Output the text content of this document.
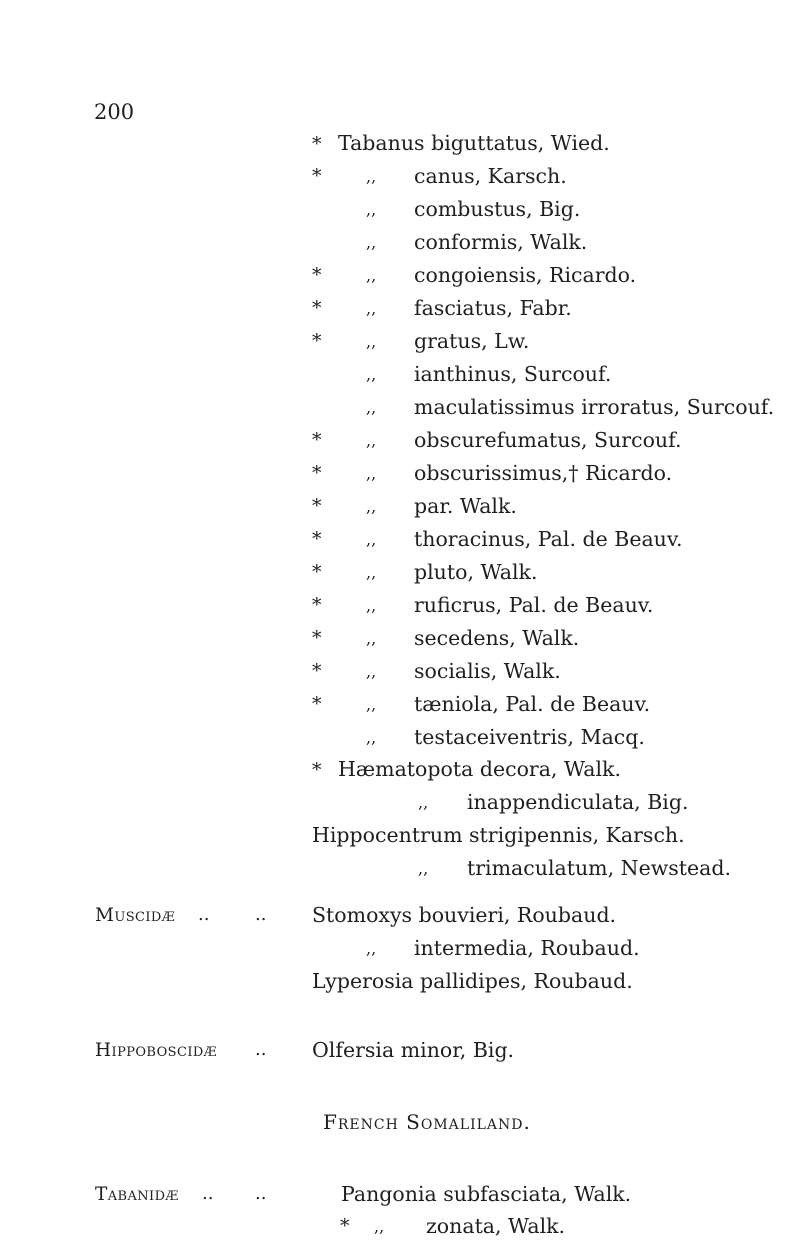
200
* Tabanus biguttatus, Wied.
*	,, canus, Karsch.
,, combustus, Big.
,, conformis, Walk.
*	,, congoiensis, Ricardo.
*	,, fasciatus, Fabr.
*	,, gratus, Lw.
,, ianthinus, Surcouf.
,, maculatissimus irroratus, Surcouf.
*	,, obscurefumatus, Surcouf.
*	,, obscurissimus,† Ricardo.
*	,, par. Walk.
*	,, thoracinus, Pal. de Beauv.
*	,, pluto, Walk.
*	,, ruficrus, Pal. de Beauv.
*	,, secedens, Walk.
*	,, socialis, Walk.
*	,, tæniola, Pal. de Beauv.
,, testaceiventris, Macq.
* Hæmatopota decora, Walk.
,, inappendiculata, Big.
Hippocentrum strigipennis, Karsch.
,, trimaculatum, Newstead.
Muscidæ ..	.. Stomoxys bouvieri, Roubaud.
,, intermedia, Roubaud.
Lyperosia pallidipes, Roubaud.
Hippoboscidæ .. Olfersia minor, Big.
French Somaliland.
Tabanidæ .. ..	Pangonia subfasciata, Walk.
* ,, zonata, Walk.
